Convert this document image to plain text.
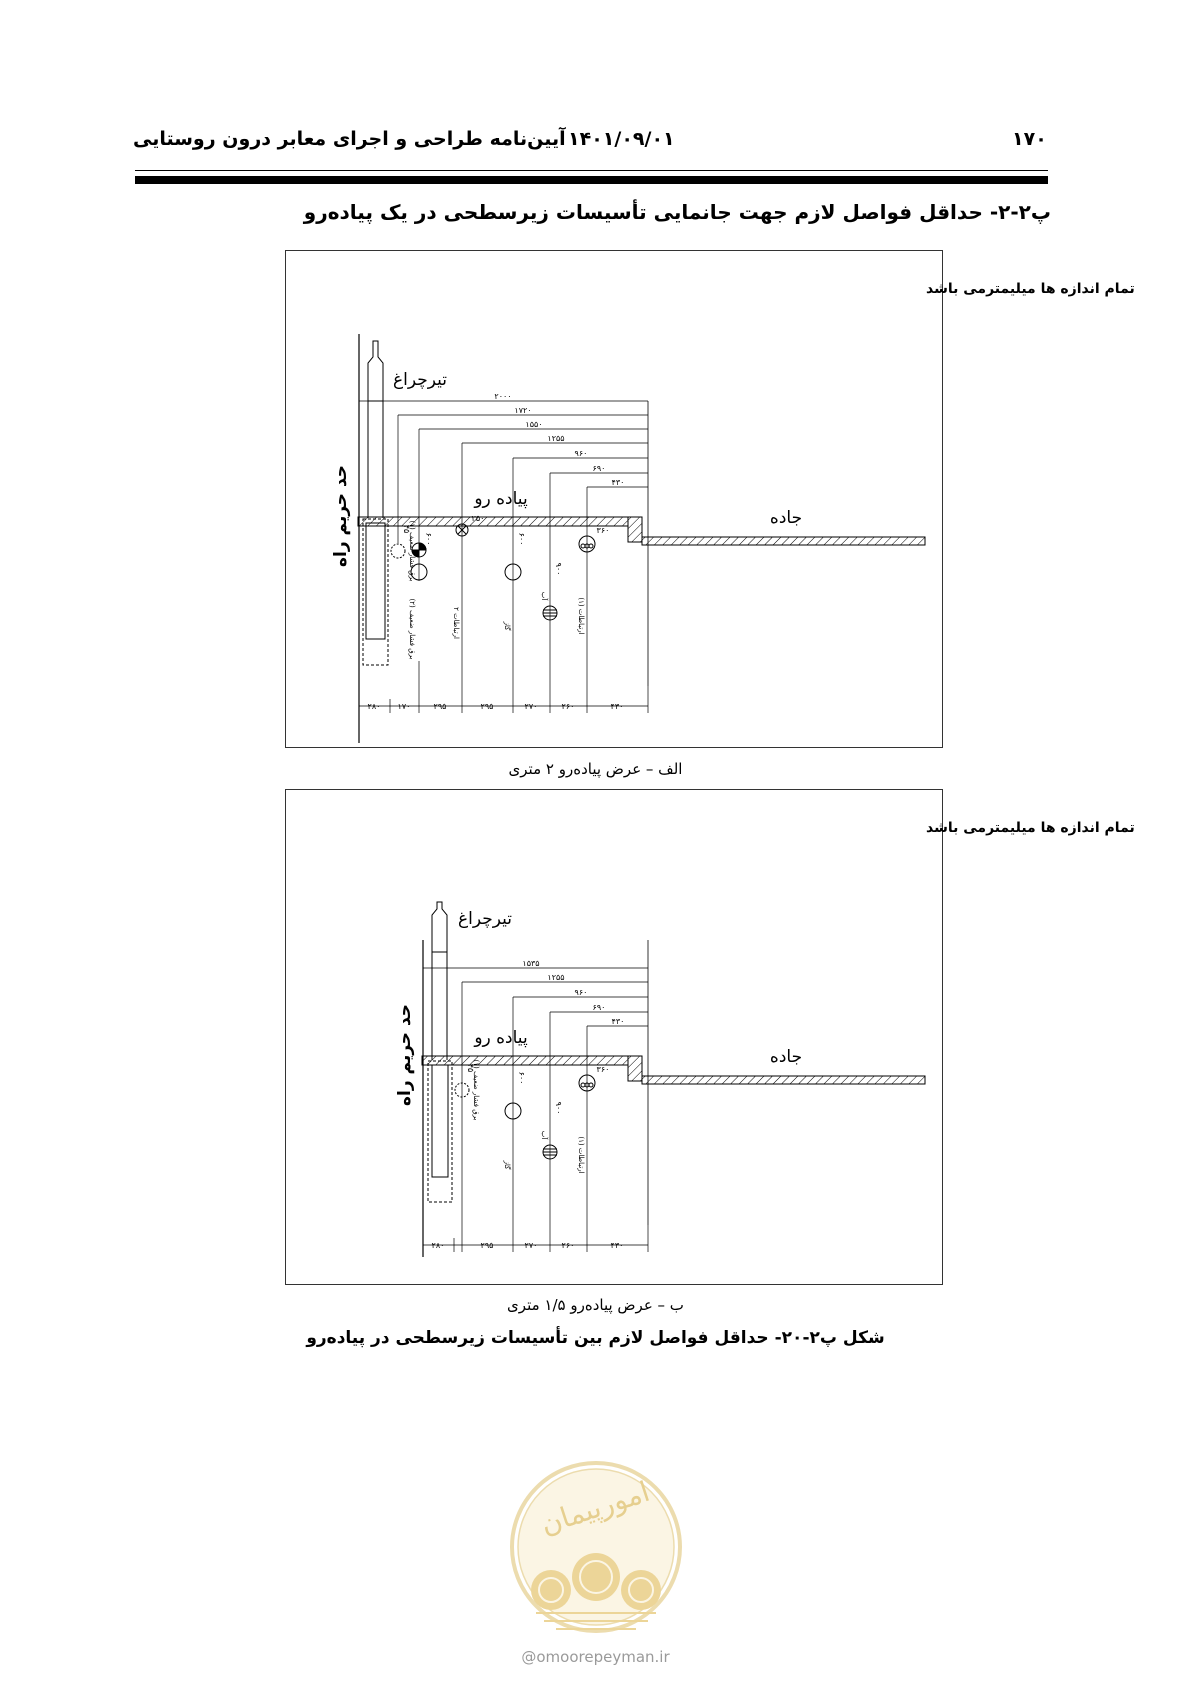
آیین‌نامه طراحی و اجرای معابر درون روستایی ۱۴۰۱/۰۹/۰۱	۱۷۰
پ۲-۲- حداقل فواصل لازم جهت جانمایی تأسیسات زیرسطحی در یک پیاده‌رو
تمام اندازه ها میلیمترمی باشد
حد حریم راه
تیرچراغ
پیاده رو
جاده
۲۰۰۰
۱۷۲۰
۱۵۵۰
۱۲۵۵
۹۶۰
۶۹۰
۴۳۰
۴۵
۶۰۰
۲۵۰
۶۰۰
۹۰۰
۳۶۰
برق فشار ضعیف (۱)
برق فشار ضعیف (۲)	ارتباطات ۲	گاز
آب	ارتباطات (۱)
۲۸۰ ۱۷۰	۲۹۵	۲۹۵	۲۷۰	۲۶۰	۴۳۰
الف – عرض پیاده‌رو ۲ متری
تمام اندازه ها میلیمترمی باشد
حد حریم راه
تیرچراغ
پیاده رو
جاده
۱۵۳۵
۱۲۵۵
۹۶۰
۶۹۰
۴۳۰
۴۵
۶۰۰
۹۰۰
۳۶۰
برق فشار ضعیف (۱)
گاز
آب	ارتباطات (۱)
۲۸۰	۲۹۵	۲۷۰	۲۶۰	۴۳۰
ب – عرض پیاده‌رو ۱/۵ متری
شکل پ۲-۲۰- حداقل فواصل لازم بین تأسیسات زیرسطحی در پیاده‌رو
امورپیمان
@omoorepeyman.ir
